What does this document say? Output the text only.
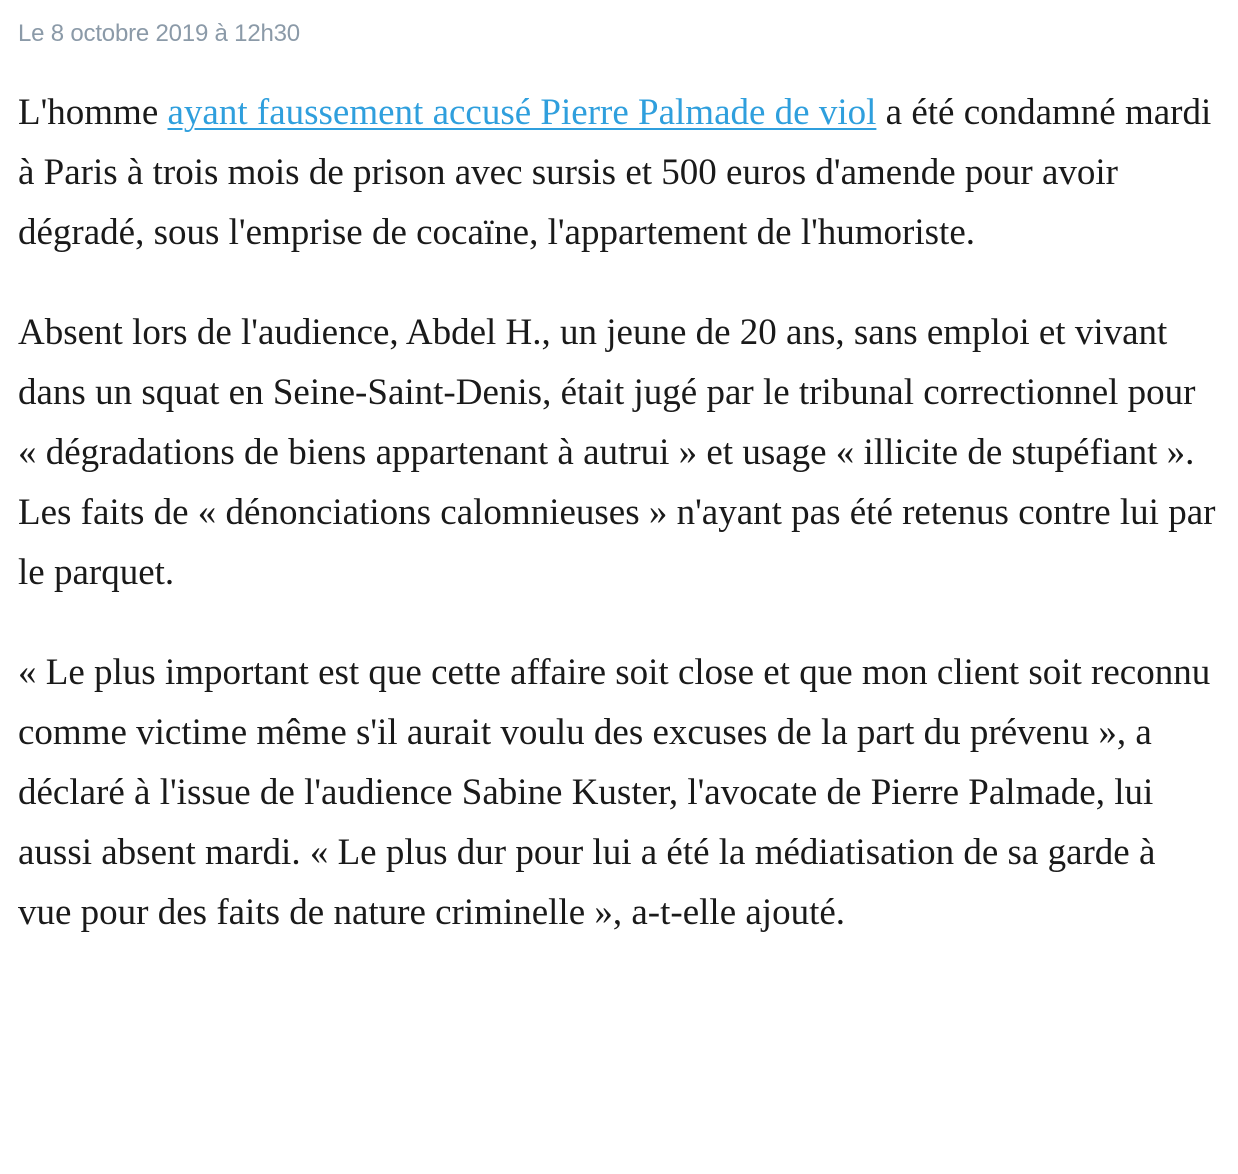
Le 8 octobre 2019 à 12h30

L'homme ayant faussement accusé Pierre Palmade de viol a été condamné mardi à Paris à trois mois de prison avec sursis et 500 euros d'amende pour avoir dégradé, sous l'emprise de cocaïne, l'appartement de l'humoriste.

Absent lors de l'audience, Abdel H., un jeune de 20 ans, sans emploi et vivant dans un squat en Seine-Saint-Denis, était jugé par le tribunal correctionnel pour « dégradations de biens appartenant à autrui » et usage « illicite de stupéfiant ». Les faits de « dénonciations calomnieuses » n'ayant pas été retenus contre lui par le parquet.

« Le plus important est que cette affaire soit close et que mon client soit reconnu comme victime même s'il aurait voulu des excuses de la part du prévenu », a déclaré à l'issue de l'audience Sabine Kuster, l'avocate de Pierre Palmade, lui aussi absent mardi. « Le plus dur pour lui a été la médiatisation de sa garde à vue pour des faits de nature criminelle », a-t-elle ajouté.
